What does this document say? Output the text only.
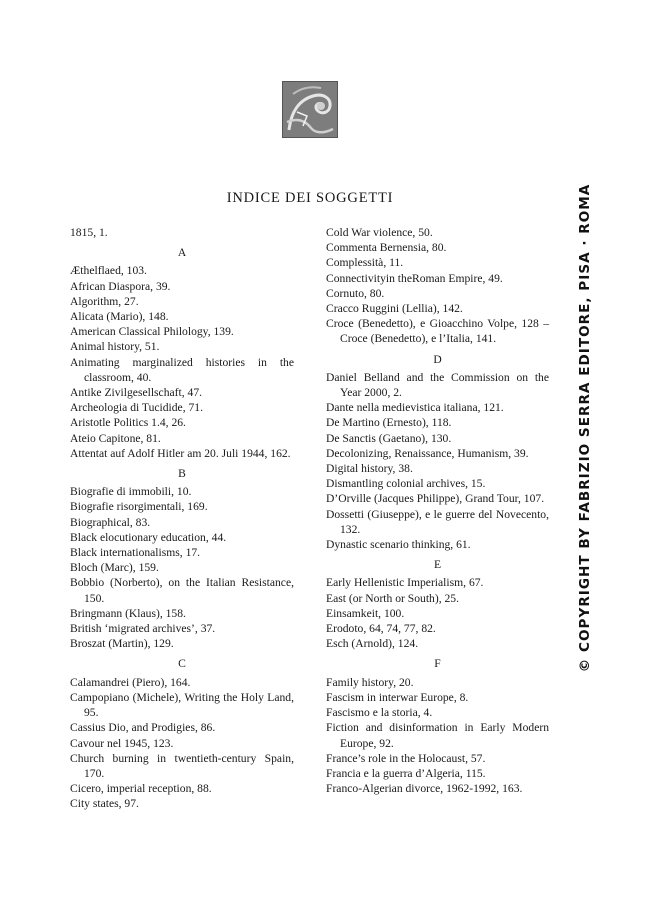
INDICE DEI SOGGETTI

1815, 1.

A

Æthelflaed, 103.

African Diaspora, 39.

Algorithm, 27.

Alicata (Mario), 148.

American Classical Philology, 139.

Animal history, 51.

Animating marginalized histories in the classroom, 40.

Antike Zivilgesellschaft, 47.

Archeologia di Tucidide, 71.

Aristotle Politics 1.4, 26.

Ateio Capitone, 81.

Attentat auf Adolf Hitler am 20. Juli 1944, 162.

B

Biografie di immobili, 10.

Biografie risorgimentali, 169.

Biographical, 83.

Black elocutionary education, 44.

Black internationalisms, 17.

Bloch (Marc), 159.

Bobbio (Norberto), on the Italian Resistance, 150.

Bringmann (Klaus), 158.

British ‘migrated archives’, 37.

Broszat (Martin), 129.

C

Calamandrei (Piero), 164.

Campopiano (Michele), Writing the Holy Land, 95.

Cassius Dio, and Prodigies, 86.

Cavour nel 1945, 123.

Church burning in twentieth-century Spain, 170.

Cicero, imperial reception, 88.

City states, 97.

Cold War violence, 50.

Commenta Bernensia, 80.

Complessità, 11.

Connectivityin theRoman Empire, 49.

Cornuto, 80.

Cracco Ruggini (Lellia), 142.

Croce (Benedetto), e Gioacchino Volpe, 128 – Croce (Benedetto), e l’Italia, 141.

D

Daniel Belland and the Commission on the Year 2000, 2.

Dante nella medievistica italiana, 121.

De Martino (Ernesto), 118.

De Sanctis (Gaetano), 130.

Decolonizing, Renaissance, Humanism, 39.

Digital history, 38.

Dismantling colonial archives, 15.

D’Orville (Jacques Philippe), Grand Tour, 107.

Dossetti (Giuseppe), e le guerre del Novecento, 132.

Dynastic scenario thinking, 61.

E

Early Hellenistic Imperialism, 67.

East (or North or South), 25.

Einsamkeit, 100.

Erodoto, 64, 74, 77, 82.

Esch (Arnold), 124.

F

Family history, 20.

Fascism in interwar Europe, 8.

Fascismo e la storia, 4.

Fiction and disinformation in Early Modern Europe, 92.

France’s role in the Holocaust, 57.

Francia e la guerra d’Algeria, 115.

Franco-Algerian divorce, 1962-1992, 163.

© COPYRIGHT BY FABRIZIO SERRA EDITORE, PISA · ROMA
